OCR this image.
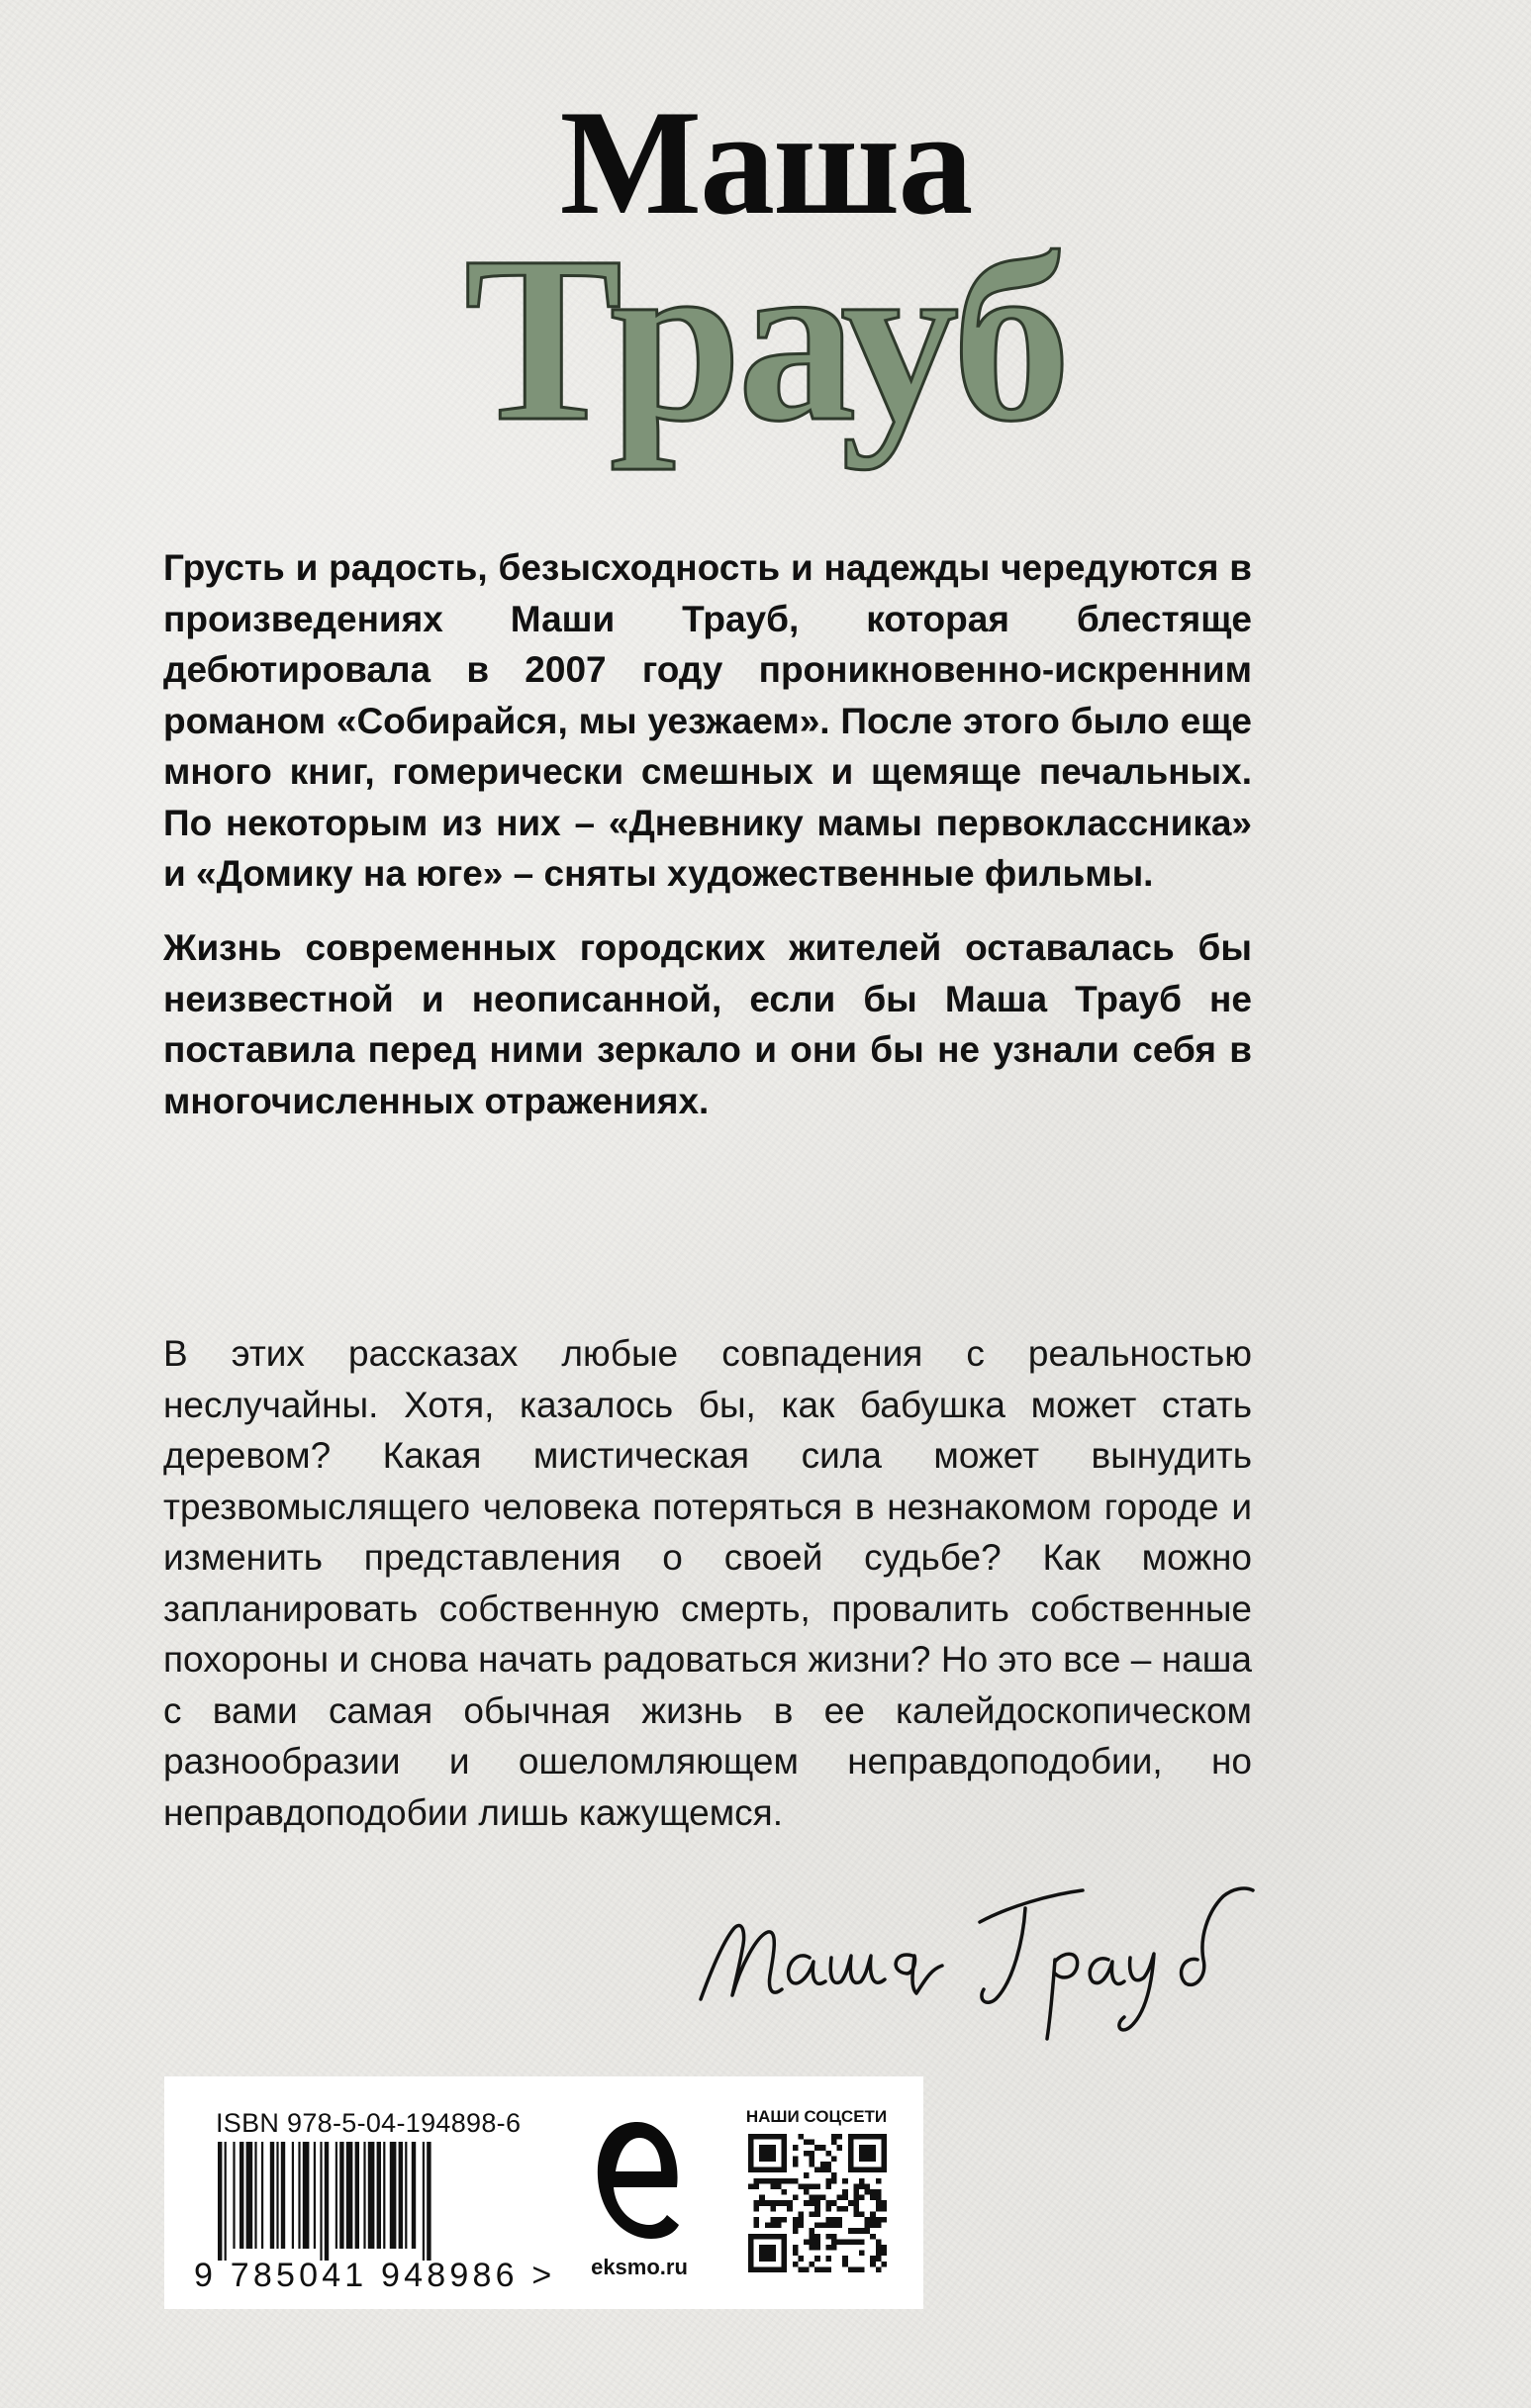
Маша
Трауб

Грусть и радость, безысходность и надежды чередуются в произведениях Маши Трауб, которая блестяще дебютировала в 2007 году проникновенно-искренним романом «Собирайся, мы уезжаем». После этого было еще много книг, гомерически смешных и щемяще печальных. По некоторым из них – «Дневнику мамы первоклассника» и «Домику на юге» – сняты художественные фильмы.

Жизнь современных городских жителей оставалась бы неизвестной и неописанной, если бы Маша Трауб не поставила перед ними зеркало и они бы не узнали себя в многочисленных отражениях.

В этих рассказах любые совпадения с реальностью неслучайны. Хотя, казалось бы, как бабушка может стать деревом? Какая мистическая сила может вынудить трезвомыслящего человека потеряться в незнакомом городе и изменить представления о своей судьбе? Как можно запланировать собственную смерть, провалить собственные похороны и снова начать радоваться жизни? Но это все – наша с вами самая обычная жизнь в ее калейдоскопическом разнообразии и ошеломляющем неправдоподобии, но неправдоподобии лишь кажущемся.

ISBN 978-5-04-194898-6
9 785041 948986 >	eksmo.ru
НАШИ СОЦСЕТИ
